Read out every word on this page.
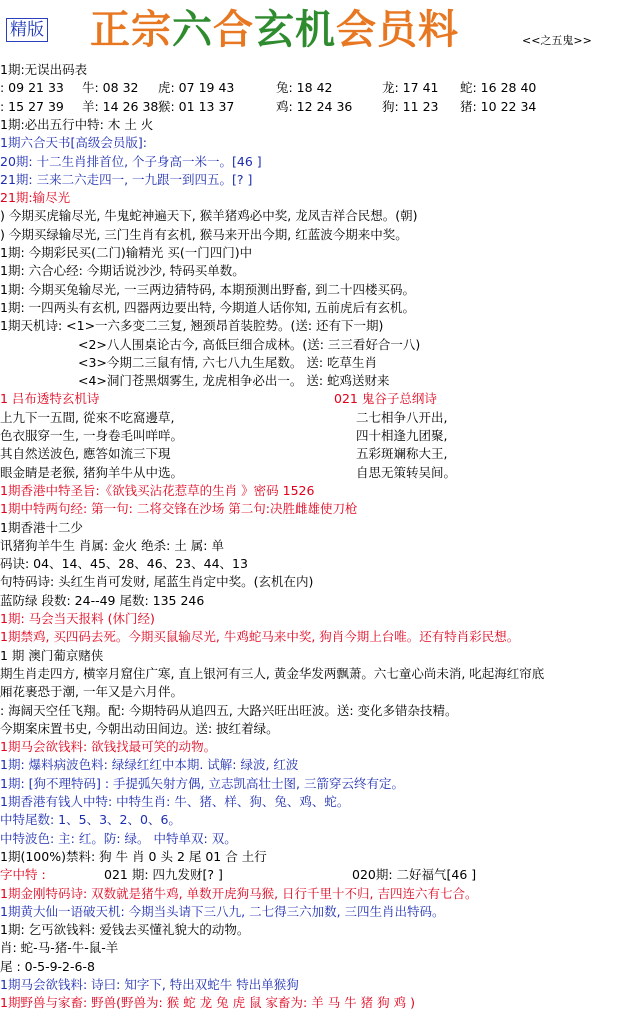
精版 正宗六合玄机会员料	<<之五鬼>>
1期:无误出码表
: 09 21 33 牛: 08 32 虎: 07 19 43	兔: 18 42	龙: 17 41 蛇: 16 28 40
: 15 27 39 羊: 14 26 38 猴: 01 13 37	鸡: 12 24 36 狗: 11 23 猪: 10 22 34
1期:必出五行中特: 木 土 火
1期六合天书[高级会员版]:
20期: 十二生肖排首位, 个子身高一米一。[46 ]
21期: 三来二六走四一, 一九跟一到四五。[? ]
21期:输尽光
) 今期买虎输尽光, 牛鬼蛇神遍天下, 猴羊猪鸡必中奖, 龙凤吉祥合民想。(朝)
) 今期买绿输尽光, 三门生肖有玄机, 猴马来开出今期, 红蓝波今期来中奖。
1期: 今期彩民买(二门)输精光 买(一门四门)中
1期: 六合心经: 今期话说沙沙, 特码买单数。
1期: 今期买兔输尽光, 一三两边猜特码, 本期预测出野畜, 到二十四楼买码。
1期: 一四两头有玄机, 四器两边要出特, 今期道人话你知, 五前虎后有玄机。
1期天机诗: <1>一六多变二三复, 翘颈昂首装腔势。(送: 还有下一期)
<2>八人围桌论古今, 高低巨细合成林。(送: 三三看好合一八)
<3>今期二三鼠有情, 六七八九生尾数。 送: 吃草生肖
<4>洞门苍黑烟雾生, 龙虎相争必出一。 送: 蛇鸡送财来
1 吕布透特玄机诗	021 鬼谷子总纲诗
上九下一五間, 從來不吃窩邊草,	二七相争八开出,
色衣服穿一生, 一身卷毛叫咩咩。	四十相逢九团聚,
其自然送波色, 應答如流三下現	五彩斑斓称大王,
眼金睛是老猴, 猪狗羊牛从中选。	自思无策转吴间。
1期香港中特圣旨:《欲钱买沾花惹草的生肖 》密码 1526
1期中特两句经: 第一句: 二将交锋在沙场 第二句:决胜雌雄使刀枪
1期香港十二少
讯猪狗羊牛生 肖属: 金火 绝杀: 土 属: 单
码诀: 04、14、45、28、46、23、44、13
句特码诗: 头红生肖可发财, 尾蓝生肖定中奖。(玄机在内)
蓝防绿 段数: 24--49 尾数: 135 246
1期: 马会当天报料 (休门经)
1期禁鸡, 买四码去死。今期买鼠输尽光, 牛鸡蛇马来中奖, 狗肖今期上台唯。还有特肖彩民想。
1 期 澳门葡京赌侠
期生肖走四方, 横宰月窟住广寒, 直上银河有三人, 黄金华发两飘萧。六七童心尚未消, 叱起海红帘底
厢花裹恐于潮, 一年又是六月伴。
: 海阔天空任飞翔。配: 今期特码从追四五, 大路兴旺出旺波。送: 变化多错杂技精。
今期案床置书史, 今朝出动田间边。送: 披红着绿。
1期马会欲钱料: 欲钱找最可笑的动物。
1期: 爆料病波色料: 绿绿红红中本期. 试解: 绿波, 红波
1期: [狗不理特码] : 手提弧矢射方偶, 立志凯高壮士图, 三箭穿云终有定。
1期香港有钱人中特: 中特生肖: 牛、猪、样、狗、兔、鸡、蛇。
中特尾数: 1、5、3、2、0、6。
中特波色: 主: 红。防: 绿。 中特单双: 双。
1期(100%)禁料: 狗 牛 肖 0 头 2 尾 01 合 土行
字中特 :	021 期: 四九发财[? ]	020期: 二好福气[46 ]
1期金刚特码诗: 双数就是猪牛鸡, 单数开虎狗马猴, 日行千里十不归, 吉四连六有七合。
1期黄大仙一语破天机: 今期当头请下三八九, 二七得三六加数, 三四生肖出特码。
1期: 乞丐欲钱料: 爱钱去买懂礼貌大的动物。
肖: 蛇-马-猪-牛-鼠-羊
尾 : 0-5-9-2-6-8
1期马会欲钱料: 诗曰: 知字下, 特出双蛇牛 特出单猴狗
1期野兽与家畜: 野兽(野兽为: 猴 蛇 龙 兔 虎 鼠 家畜为: 羊 马 牛 猪 狗 鸡 )
